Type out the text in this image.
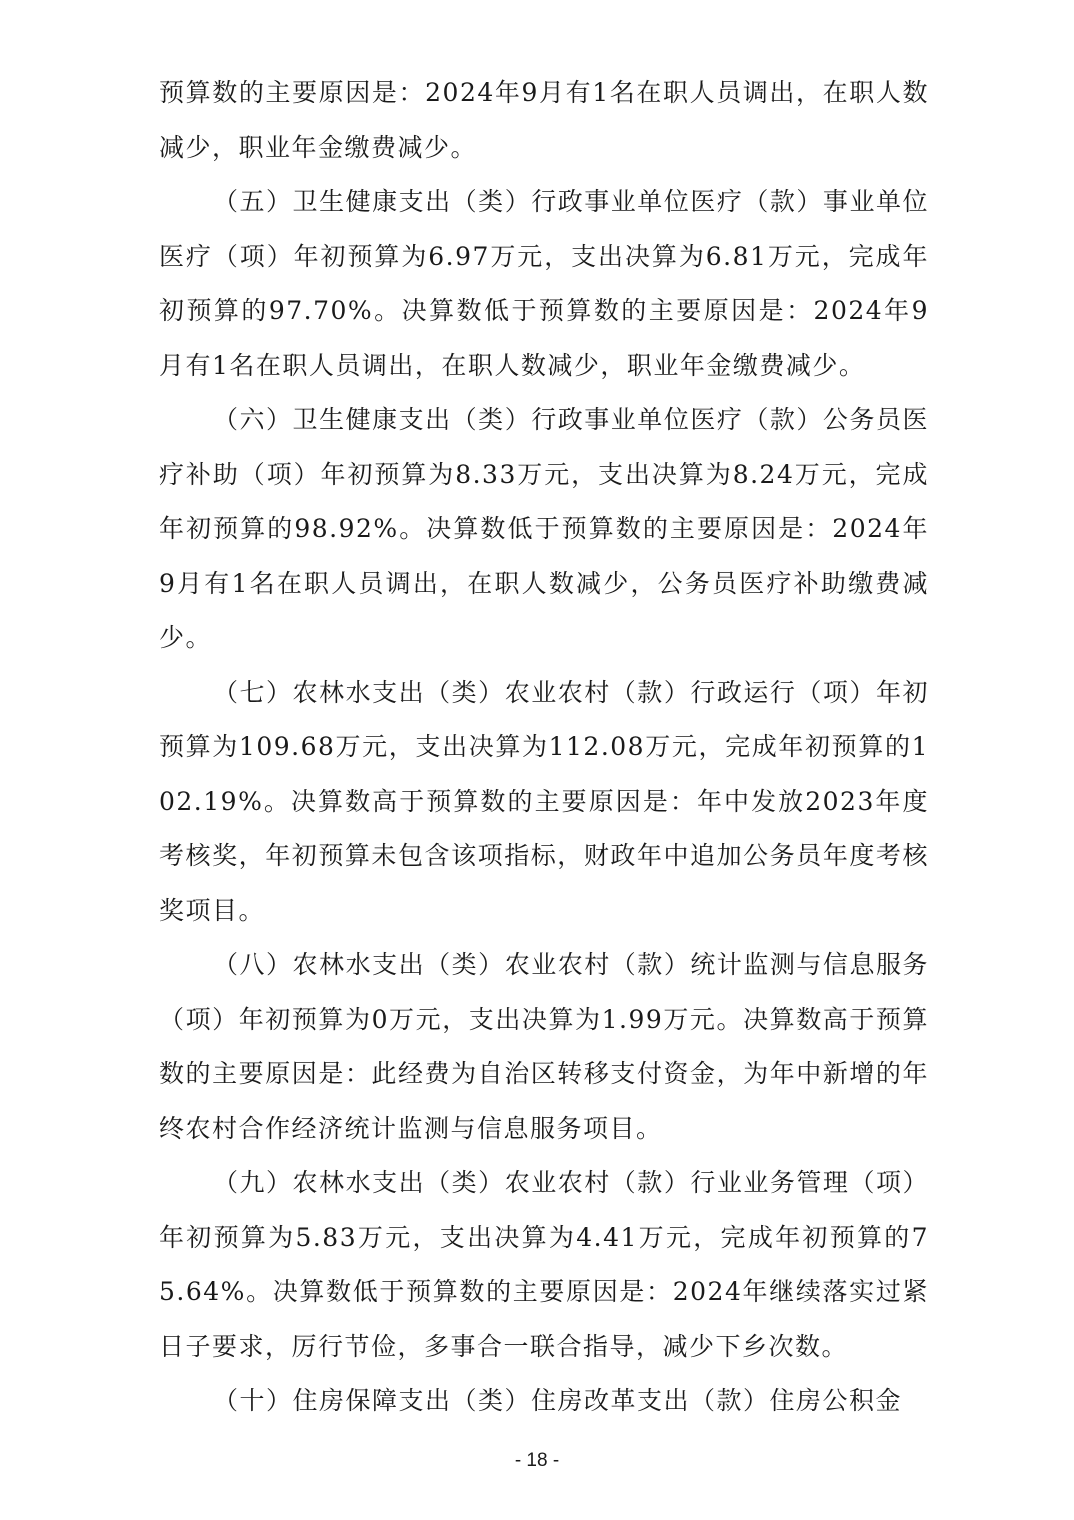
预算数的主要原因是：2024年9月有1名在职人员调出，在职人数减少，职业年金缴费减少。

（五）卫生健康支出（类）行政事业单位医疗（款）事业单位医疗（项）年初预算为6.97万元，支出决算为6.81万元，完成年初预算的97.70%。决算数低于预算数的主要原因是：2024年9月有1名在职人员调出，在职人数减少，职业年金缴费减少。

（六）卫生健康支出（类）行政事业单位医疗（款）公务员医疗补助（项）年初预算为8.33万元，支出决算为8.24万元，完成年初预算的98.92%。决算数低于预算数的主要原因是：2024年9月有1名在职人员调出，在职人数减少，公务员医疗补助缴费减少。

（七）农林水支出（类）农业农村（款）行政运行（项）年初预算为109.68万元，支出决算为112.08万元，完成年初预算的102.19%。决算数高于预算数的主要原因是：年中发放2023年度考核奖，年初预算未包含该项指标，财政年中追加公务员年度考核奖项目。

（八）农林水支出（类）农业农村（款）统计监测与信息服务（项）年初预算为0万元，支出决算为1.99万元。决算数高于预算数的主要原因是：此经费为自治区转移支付资金，为年中新增的年终农村合作经济统计监测与信息服务项目。

（九）农林水支出（类）农业农村（款）行业业务管理（项）年初预算为5.83万元，支出决算为4.41万元，完成年初预算的75.64%。决算数低于预算数的主要原因是：2024年继续落实过紧日子要求，厉行节俭，多事合一联合指导，减少下乡次数。

（十）住房保障支出（类）住房改革支出（款）住房公积金

- 18 -
